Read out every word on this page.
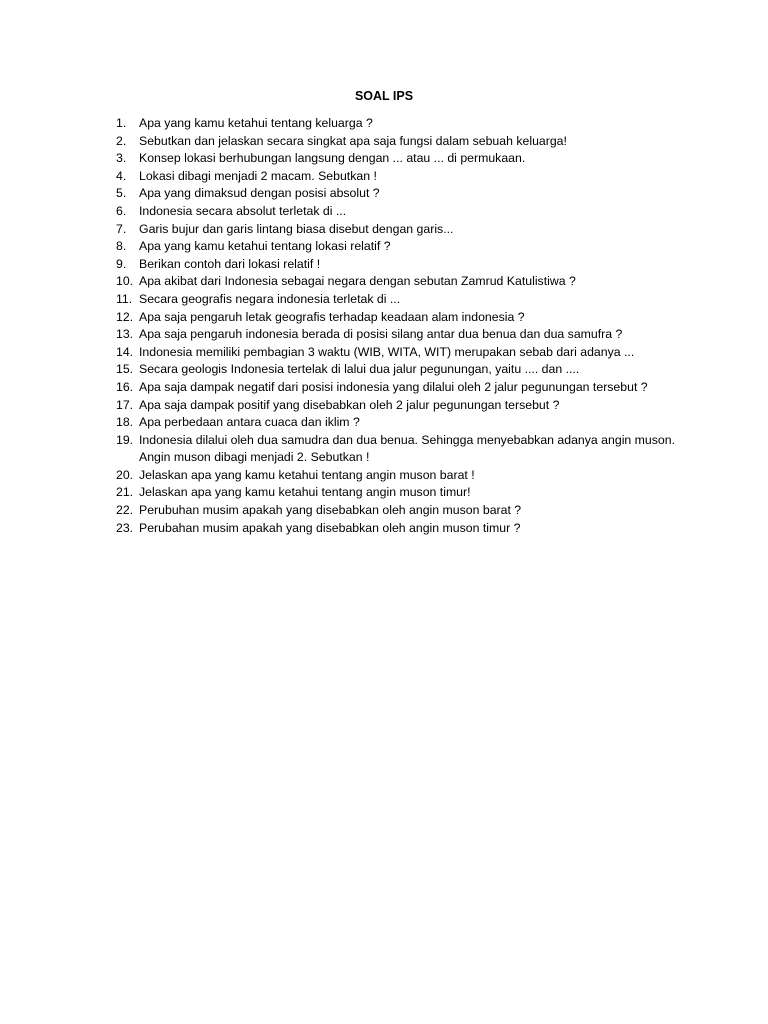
SOAL IPS
1.	Apa yang kamu ketahui tentang keluarga ?
2.	Sebutkan dan jelaskan secara singkat apa saja fungsi dalam sebuah keluarga!
3.	Konsep lokasi berhubungan langsung dengan ... atau ... di permukaan.
4.	Lokasi dibagi menjadi 2 macam. Sebutkan !
5.	Apa yang dimaksud dengan posisi absolut ?
6.	Indonesia secara absolut terletak di ...
7.	Garis bujur dan garis lintang biasa disebut dengan garis...
8.	Apa yang kamu ketahui tentang lokasi relatif ?
9.	Berikan contoh dari lokasi relatif !
10. Apa akibat dari Indonesia sebagai negara dengan sebutan Zamrud Katulistiwa ?
11. Secara geografis negara indonesia terletak di ...
12. Apa saja pengaruh letak geografis terhadap keadaan alam indonesia ?
13. Apa saja pengaruh indonesia berada di posisi silang antar dua benua dan dua samufra ?
14. Indonesia memiliki pembagian 3 waktu (WIB, WITA, WIT) merupakan sebab dari adanya ...
15. Secara geologis Indonesia tertelak di lalui dua jalur pegunungan, yaitu .... dan ....
16. Apa saja dampak negatif dari posisi indonesia yang dilalui oleh 2 jalur pegunungan tersebut ?
17. Apa saja dampak positif yang disebabkan oleh 2 jalur pegunungan tersebut ?
18. Apa perbedaan antara cuaca dan iklim ?
19. Indonesia dilalui oleh dua samudra dan dua benua. Sehingga menyebabkan adanya angin muson. Angin muson dibagi menjadi 2. Sebutkan !
20. Jelaskan apa yang kamu ketahui tentang angin muson barat !
21. Jelaskan apa yang kamu ketahui tentang angin muson timur!
22. Perubuhan musim apakah yang disebabkan oleh angin muson barat ?
23. Perubahan musim apakah yang disebabkan oleh angin muson timur ?
